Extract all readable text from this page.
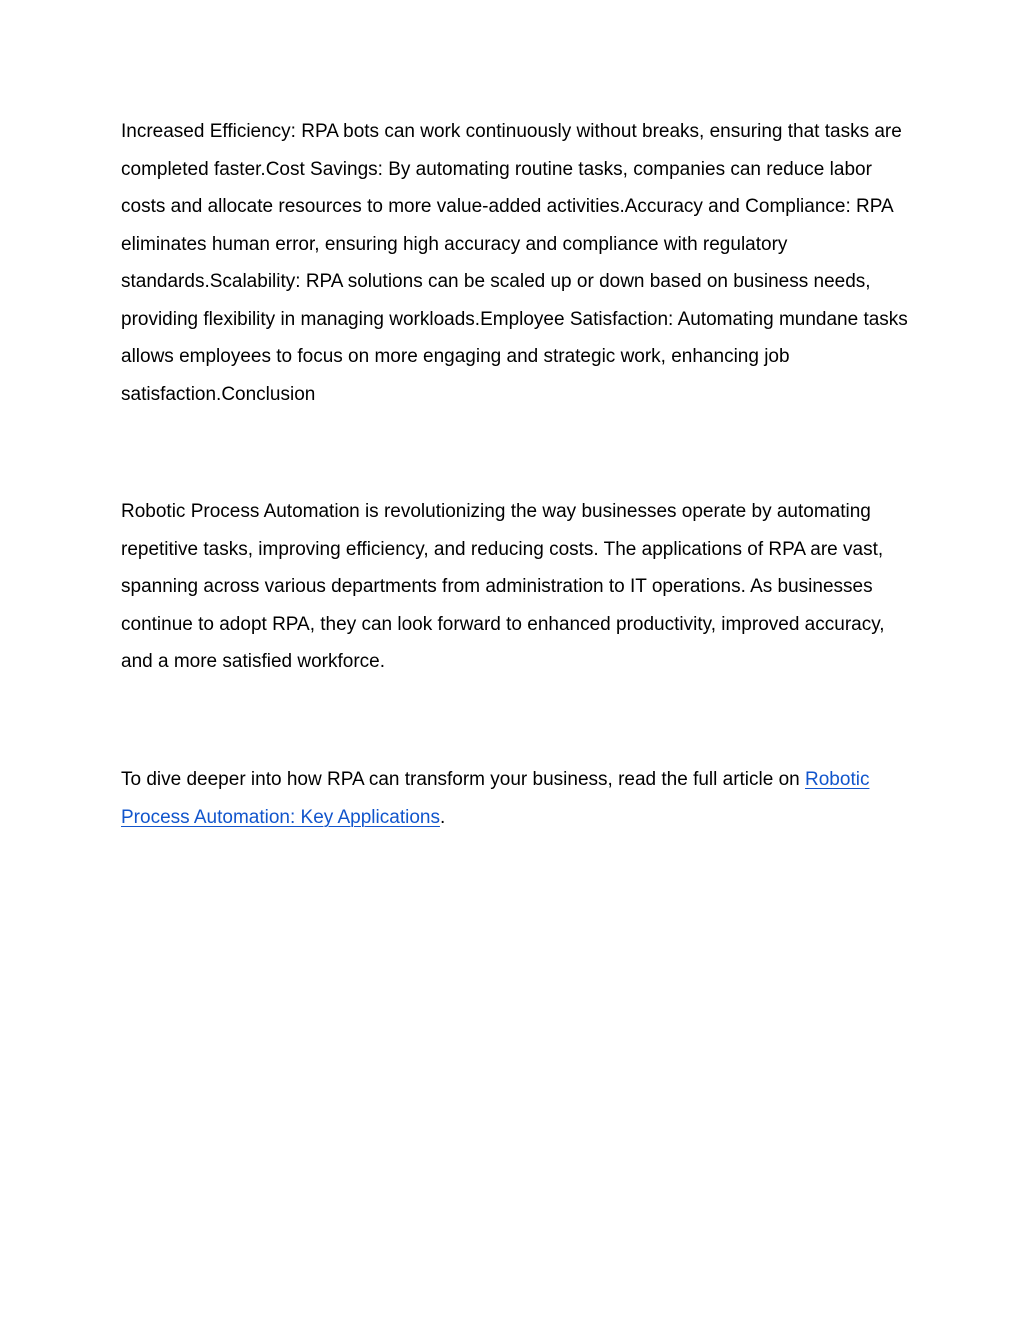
Increased Efficiency: RPA bots can work continuously without breaks, ensuring that tasks are completed faster.Cost Savings: By automating routine tasks, companies can reduce labor costs and allocate resources to more value-added activities.Accuracy and Compliance: RPA eliminates human error, ensuring high accuracy and compliance with regulatory standards.Scalability: RPA solutions can be scaled up or down based on business needs, providing flexibility in managing workloads.Employee Satisfaction: Automating mundane tasks allows employees to focus on more engaging and strategic work, enhancing job satisfaction.Conclusion

Robotic Process Automation is revolutionizing the way businesses operate by automating repetitive tasks, improving efficiency, and reducing costs. The applications of RPA are vast, spanning across various departments from administration to IT operations. As businesses continue to adopt RPA, they can look forward to enhanced productivity, improved accuracy, and a more satisfied workforce.

To dive deeper into how RPA can transform your business, read the full article on Robotic Process Automation: Key Applications.
